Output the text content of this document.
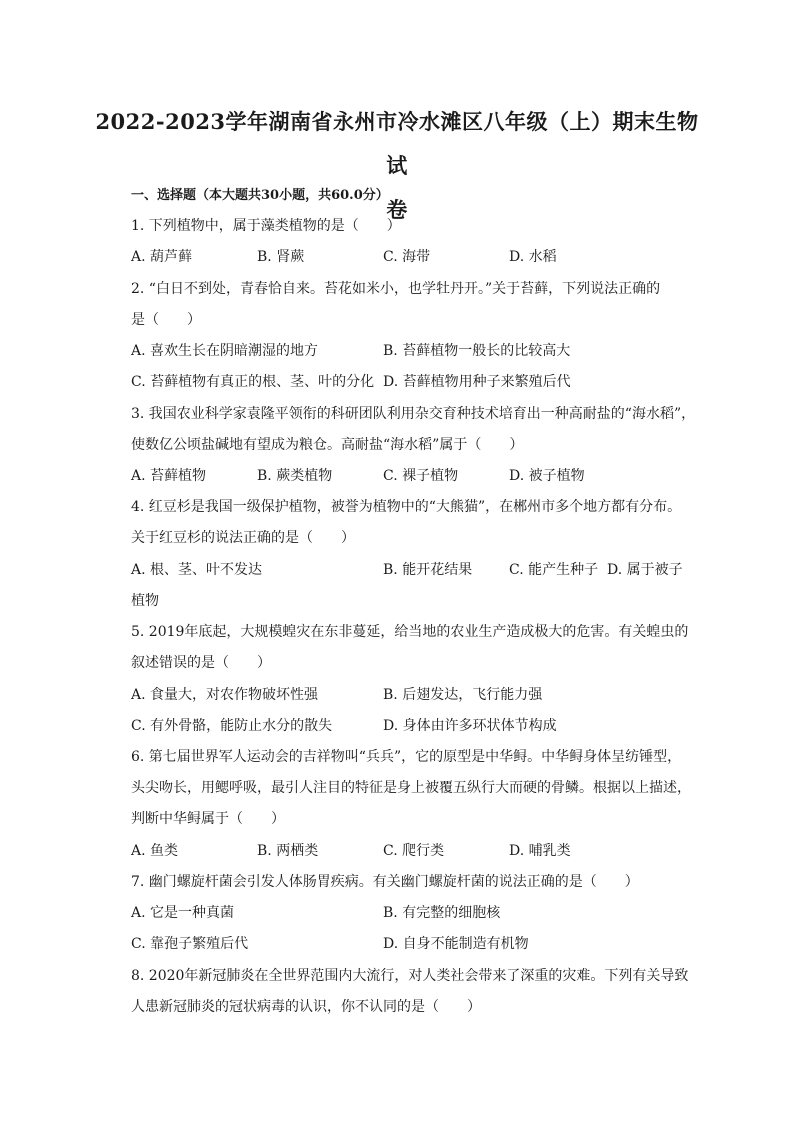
2022-2023学年湖南省永州市冷水滩区八年级（上）期末生物试
卷
一、选择题（本大题共30小题，共60.0分）
1. 下列植物中，属于藻类植物的是（　　）
A. 葫芦藓	B. 肾蕨	C. 海带	D. 水稻
2. “白日不到处，青春恰自来。苔花如米小，也学牡丹开。”关于苔藓，下列说法正确的
是（　　）
A. 喜欢生长在阴暗潮湿的地方	B. 苔藓植物一般长的比较高大
C. 苔藓植物有真正的根、茎、叶的分化 D. 苔藓植物用种子来繁殖后代
3. 我国农业科学家袁隆平领衔的科研团队利用杂交育种技术培育出一种高耐盐的“海水稻”，
使数亿公顷盐碱地有望成为粮仓。高耐盐“海水稻”属于（　　）
A. 苔藓植物	B. 蕨类植物	C. 裸子植物	D. 被子植物
4. 红豆杉是我国一级保护植物，被誉为植物中的“大熊猫”，在郴州市多个地方都有分布。
关于红豆杉的说法正确的是（　　）
A. 根、茎、叶不发达	B. 能开花结果	C. 能产生种子 D. 属于被子
植物
5. 2019年底起，大规模蝗灾在东非蔓延，给当地的农业生产造成极大的危害。有关蝗虫的
叙述错误的是（　　）
A. 食量大，对农作物破坏性强	B. 后翅发达，飞行能力强
C. 有外骨骼，能防止水分的散失	D. 身体由许多环状体节构成
6. 第七届世界军人运动会的吉祥物叫“兵兵”，它的原型是中华鲟。中华鲟身体呈纺锤型，
头尖吻长，用鳃呼吸，最引人注目的特征是身上被覆五纵行大而硬的骨鳞。根据以上描述，
判断中华鲟属于（　　）
A. 鱼类	B. 两栖类	C. 爬行类	D. 哺乳类
7. 幽门螺旋杆菌会引发人体肠胃疾病。有关幽门螺旋杆菌的说法正确的是（　　）
A. 它是一种真菌	B. 有完整的细胞核
C. 靠孢子繁殖后代	D. 自身不能制造有机物
8. 2020年新冠肺炎在全世界范围内大流行，对人类社会带来了深重的灾难。下列有关导致
人患新冠肺炎的冠状病毒的认识，你不认同的是（　　）
